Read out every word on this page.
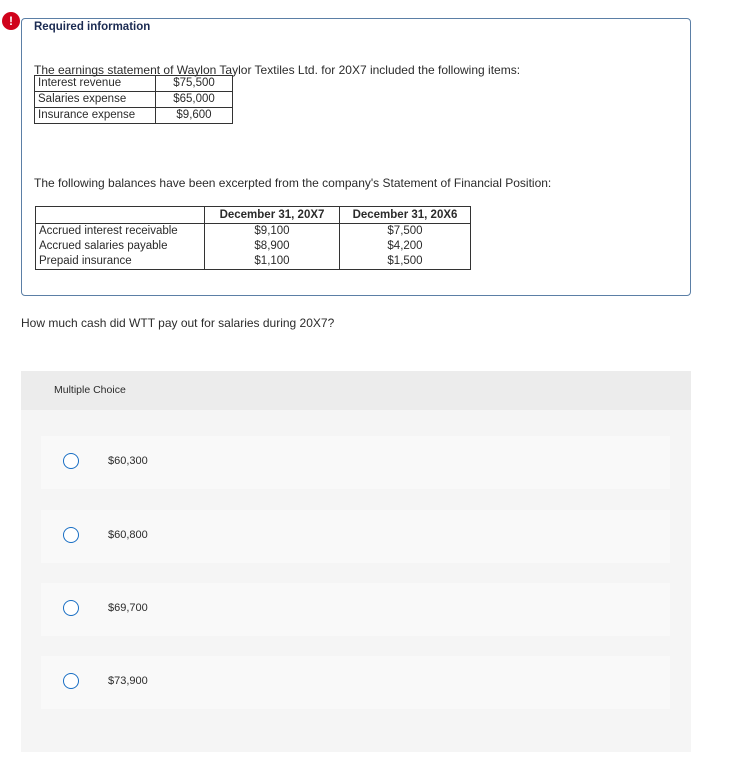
!	Required information
The earnings statement of Waylon Taylor Textiles Ltd. for 20X7 included the following items:
Interest revenue	$75,500
Salaries expense	$65,000
Insurance expense	$9,600
The following balances have been excerpted from the company's Statement of Financial Position:
	December 31, 20X7	December 31, 20X6
Accrued interest receivable	$9,100	$7,500
Accrued salaries payable	$8,900	$4,200
Prepaid insurance	$1,100	$1,500
How much cash did WTT pay out for salaries during 20X7?
Multiple Choice
$60,300
$60,800
$69,700
$73,900
